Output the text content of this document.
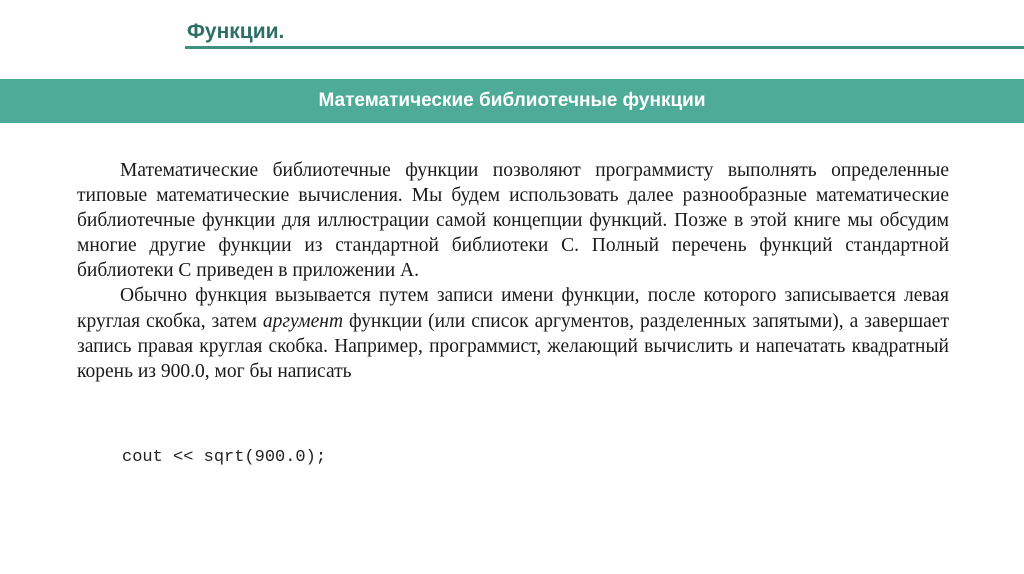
Функции.
Математические библиотечные функции

Математические библиотечные функции позволяют программисту выполнять определенные типовые математические вычисления. Мы будем использовать далее разнообразные математические библиотечные функции для иллюстрации самой концепции функций. Позже в этой книге мы обсудим многие другие функции из стандартной библиотеки C. Полный перечень функций стандартной библиотеки C приведен в приложении А.

Обычно функция вызывается путем записи имени функции, после которого записывается левая круглая скобка, затем аргумент функции (или список аргументов, разделенных запятыми), а завершает запись правая круглая скобка. Например, программист, желающий вычислить и напечатать квадратный корень из 900.0, мог бы написать

cout << sqrt(900.0);
